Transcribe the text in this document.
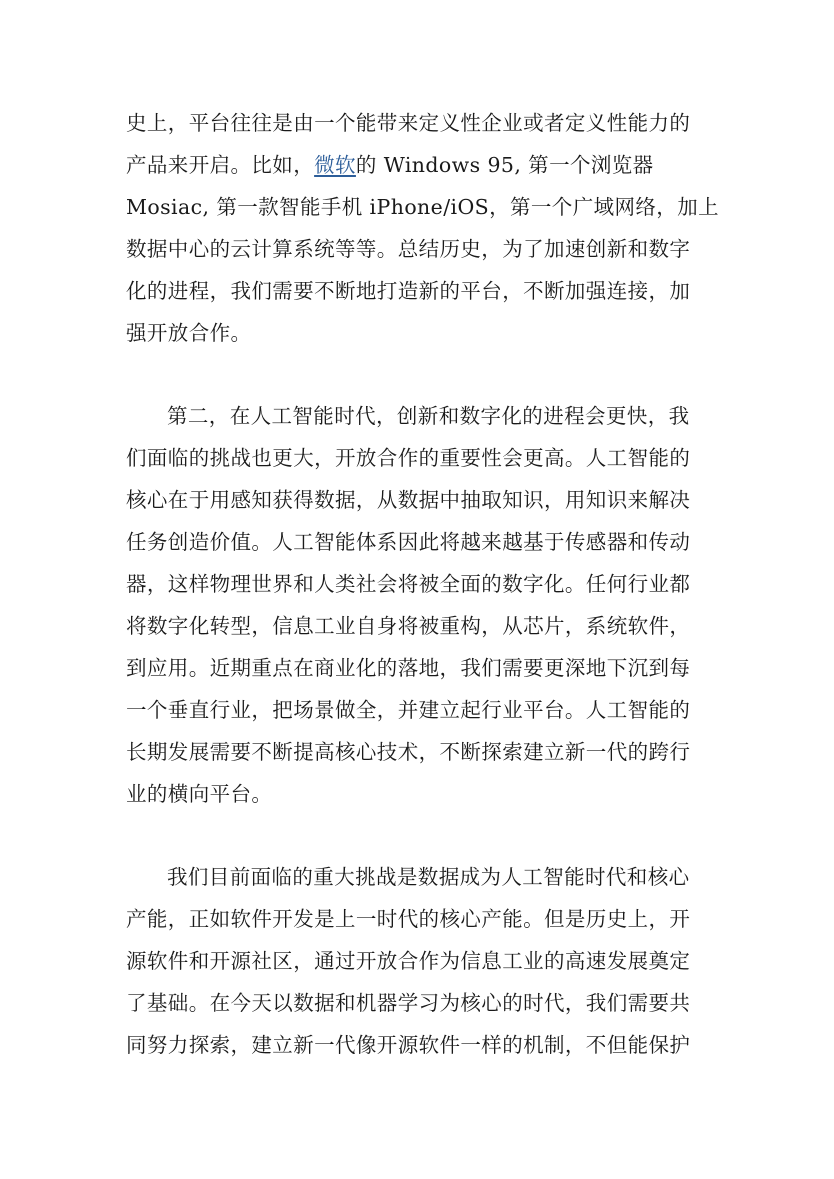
史上，平台往往是由一个能带来定义性企业或者定义性能力的
产品来开启。比如，微软的 Windows 95, 第一个浏览器
Mosiac, 第一款智能手机 iPhone/iOS，第一个广域网络，加上
数据中心的云计算系统等等。总结历史，为了加速创新和数字
化的进程，我们需要不断地打造新的平台，不断加强连接，加
强开放合作。
第二，在人工智能时代，创新和数字化的进程会更快，我
们面临的挑战也更大，开放合作的重要性会更高。人工智能的
核心在于用感知获得数据，从数据中抽取知识，用知识来解决
任务创造价值。人工智能体系因此将越来越基于传感器和传动
器，这样物理世界和人类社会将被全面的数字化。任何行业都
将数字化转型，信息工业自身将被重构，从芯片，系统软件，
到应用。近期重点在商业化的落地，我们需要更深地下沉到每
一个垂直行业，把场景做全，并建立起行业平台。人工智能的
长期发展需要不断提高核心技术，不断探索建立新一代的跨行
业的横向平台。
我们目前面临的重大挑战是数据成为人工智能时代和核心
产能，正如软件开发是上一时代的核心产能。但是历史上，开
源软件和开源社区，通过开放合作为信息工业的高速发展奠定
了基础。在今天以数据和机器学习为核心的时代，我们需要共
同努力探索，建立新一代像开源软件一样的机制，不但能保护
